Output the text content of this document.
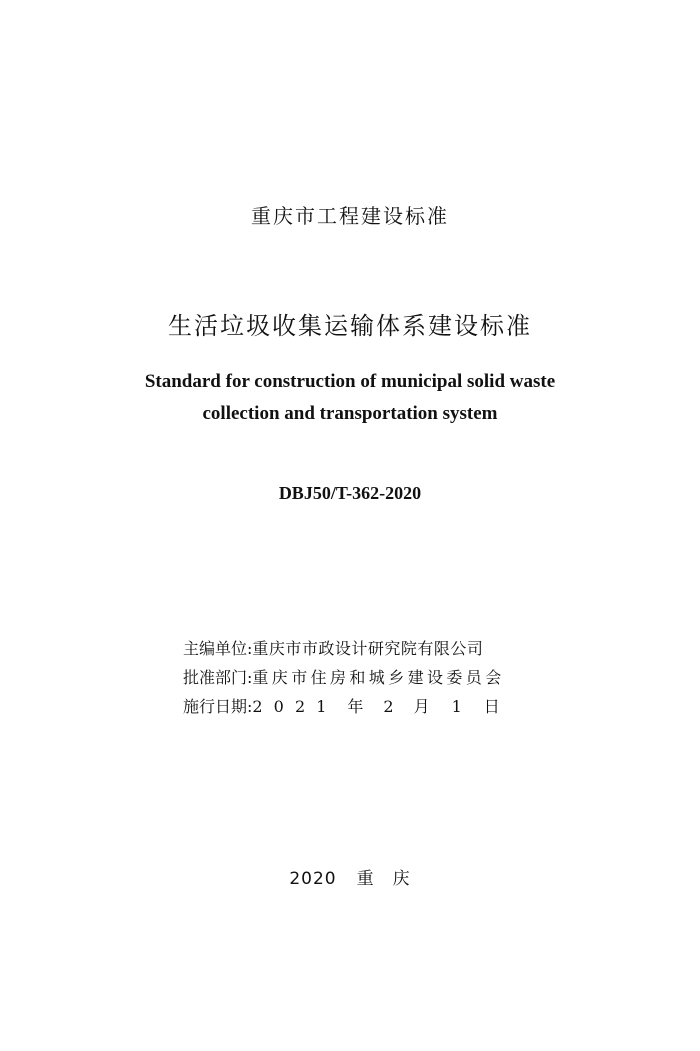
重庆市工程建设标准
生活垃圾收集运输体系建设标准
Standard for construction of municipal solid waste
collection and transportation system
DBJ50/T-362-2020
主编单位:重庆市市政设计研究院有限公司
批准部门:重庆市住房和城乡建设委员会
施行日期:2 0 2 1 年 2 月 1 日
2020 重 庆
